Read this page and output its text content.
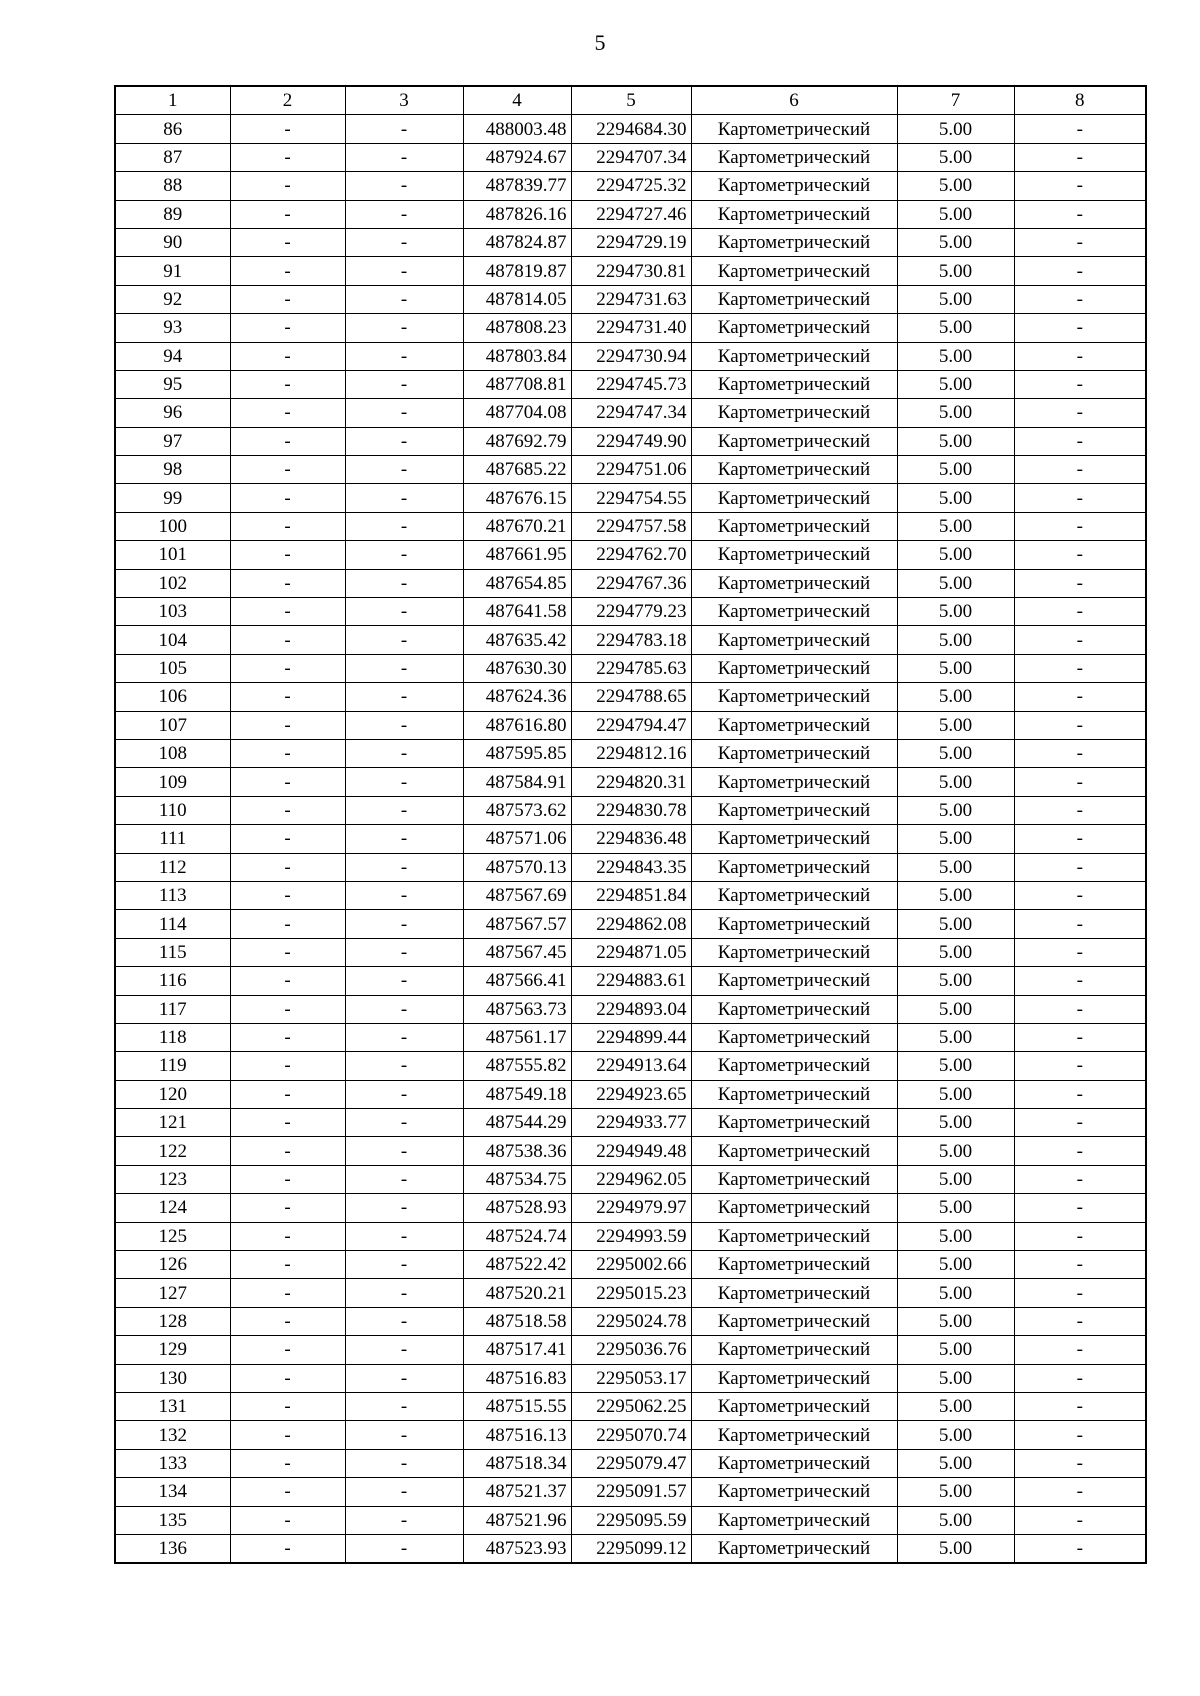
5
1	2	3	4	5	6	7	8
86	-	-	488003.48	2294684.30	Картометрический	5.00	-
87	-	-	487924.67	2294707.34	Картометрический	5.00	-
88	-	-	487839.77	2294725.32	Картометрический	5.00	-
89	-	-	487826.16	2294727.46	Картометрический	5.00	-
90	-	-	487824.87	2294729.19	Картометрический	5.00	-
91	-	-	487819.87	2294730.81	Картометрический	5.00	-
92	-	-	487814.05	2294731.63	Картометрический	5.00	-
93	-	-	487808.23	2294731.40	Картометрический	5.00	-
94	-	-	487803.84	2294730.94	Картометрический	5.00	-
95	-	-	487708.81	2294745.73	Картометрический	5.00	-
96	-	-	487704.08	2294747.34	Картометрический	5.00	-
97	-	-	487692.79	2294749.90	Картометрический	5.00	-
98	-	-	487685.22	2294751.06	Картометрический	5.00	-
99	-	-	487676.15	2294754.55	Картометрический	5.00	-
100	-	-	487670.21	2294757.58	Картометрический	5.00	-
101	-	-	487661.95	2294762.70	Картометрический	5.00	-
102	-	-	487654.85	2294767.36	Картометрический	5.00	-
103	-	-	487641.58	2294779.23	Картометрический	5.00	-
104	-	-	487635.42	2294783.18	Картометрический	5.00	-
105	-	-	487630.30	2294785.63	Картометрический	5.00	-
106	-	-	487624.36	2294788.65	Картометрический	5.00	-
107	-	-	487616.80	2294794.47	Картометрический	5.00	-
108	-	-	487595.85	2294812.16	Картометрический	5.00	-
109	-	-	487584.91	2294820.31	Картометрический	5.00	-
110	-	-	487573.62	2294830.78	Картометрический	5.00	-
111	-	-	487571.06	2294836.48	Картометрический	5.00	-
112	-	-	487570.13	2294843.35	Картометрический	5.00	-
113	-	-	487567.69	2294851.84	Картометрический	5.00	-
114	-	-	487567.57	2294862.08	Картометрический	5.00	-
115	-	-	487567.45	2294871.05	Картометрический	5.00	-
116	-	-	487566.41	2294883.61	Картометрический	5.00	-
117	-	-	487563.73	2294893.04	Картометрический	5.00	-
118	-	-	487561.17	2294899.44	Картометрический	5.00	-
119	-	-	487555.82	2294913.64	Картометрический	5.00	-
120	-	-	487549.18	2294923.65	Картометрический	5.00	-
121	-	-	487544.29	2294933.77	Картометрический	5.00	-
122	-	-	487538.36	2294949.48	Картометрический	5.00	-
123	-	-	487534.75	2294962.05	Картометрический	5.00	-
124	-	-	487528.93	2294979.97	Картометрический	5.00	-
125	-	-	487524.74	2294993.59	Картометрический	5.00	-
126	-	-	487522.42	2295002.66	Картометрический	5.00	-
127	-	-	487520.21	2295015.23	Картометрический	5.00	-
128	-	-	487518.58	2295024.78	Картометрический	5.00	-
129	-	-	487517.41	2295036.76	Картометрический	5.00	-
130	-	-	487516.83	2295053.17	Картометрический	5.00	-
131	-	-	487515.55	2295062.25	Картометрический	5.00	-
132	-	-	487516.13	2295070.74	Картометрический	5.00	-
133	-	-	487518.34	2295079.47	Картометрический	5.00	-
134	-	-	487521.37	2295091.57	Картометрический	5.00	-
135	-	-	487521.96	2295095.59	Картометрический	5.00	-
136	-	-	487523.93	2295099.12	Картометрический	5.00	-
